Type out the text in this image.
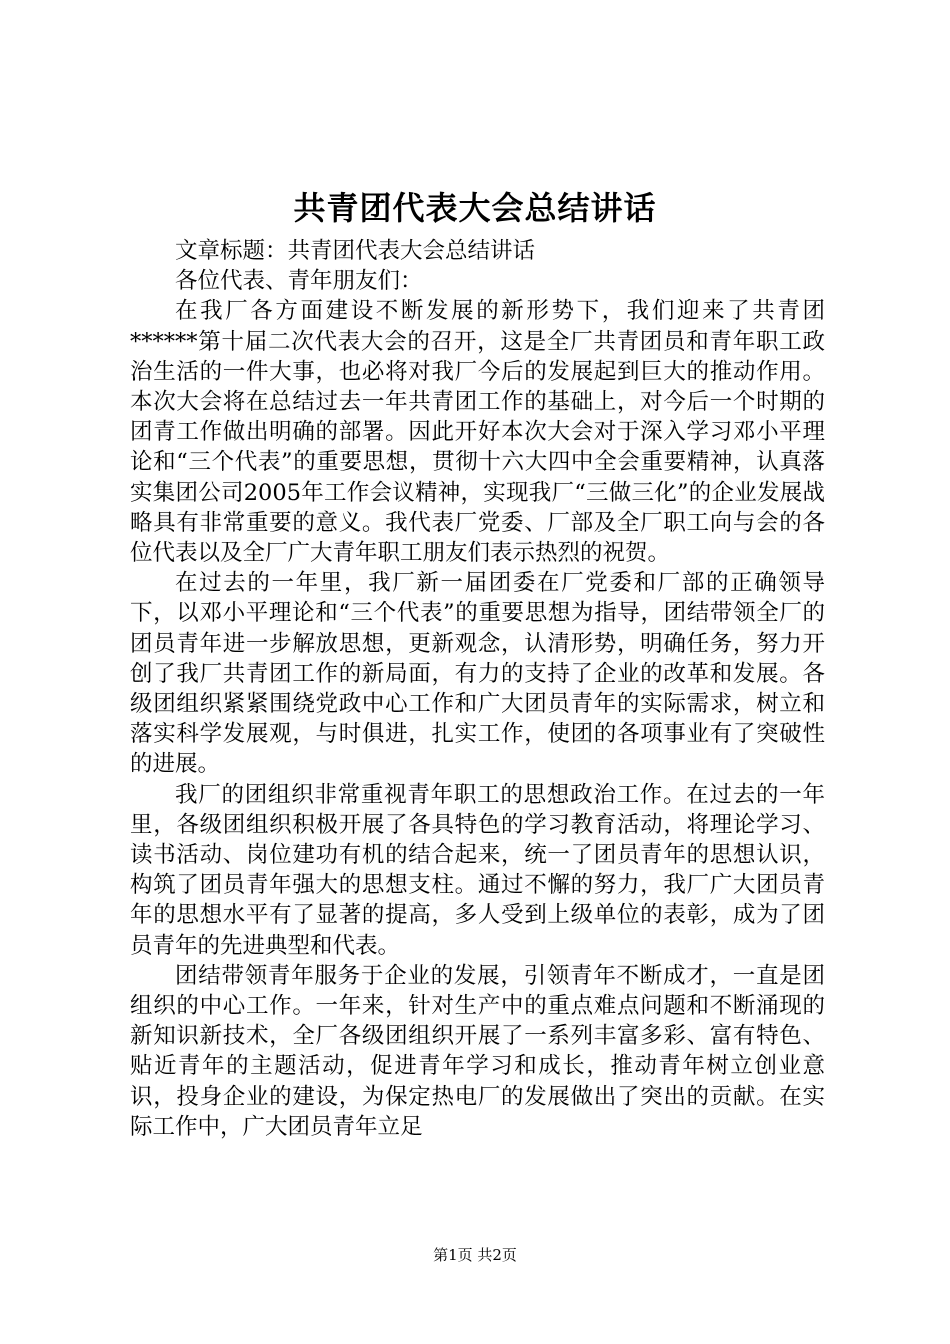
共青团代表大会总结讲话

文章标题：共青团代表大会总结讲话

各位代表、青年朋友们：

在我厂各方面建设不断发展的新形势下，我们迎来了共青团******第十届二次代表大会的召开，这是全厂共青团员和青年职工政治生活的一件大事，也必将对我厂今后的发展起到巨大的推动作用。本次大会将在总结过去一年共青团工作的基础上，对今后一个时期的团青工作做出明确的部署。因此开好本次大会对于深入学习邓小平理论和“三个代表”的重要思想，贯彻十六大四中全会重要精神，认真落实集团公司2005年工作会议精神，实现我厂“三做三化”的企业发展战略具有非常重要的意义。我代表厂党委、厂部及全厂职工向与会的各位代表以及全厂广大青年职工朋友们表示热烈的祝贺。

在过去的一年里，我厂新一届团委在厂党委和厂部的正确领导下，以邓小平理论和“三个代表”的重要思想为指导，团结带领全厂的团员青年进一步解放思想，更新观念，认清形势，明确任务，努力开创了我厂共青团工作的新局面，有力的支持了企业的改革和发展。各级团组织紧紧围绕党政中心工作和广大团员青年的实际需求，树立和落实科学发展观，与时俱进，扎实工作，使团的各项事业有了突破性的进展。

我厂的团组织非常重视青年职工的思想政治工作。在过去的一年里，各级团组织积极开展了各具特色的学习教育活动，将理论学习、读书活动、岗位建功有机的结合起来，统一了团员青年的思想认识，构筑了团员青年强大的思想支柱。通过不懈的努力，我厂广大团员青年的思想水平有了显著的提高，多人受到上级单位的表彰，成为了团员青年的先进典型和代表。

团结带领青年服务于企业的发展，引领青年不断成才，一直是团组织的中心工作。一年来，针对生产中的重点难点问题和不断涌现的新知识新技术，全厂各级团组织开展了一系列丰富多彩、富有特色、贴近青年的主题活动，促进青年学习和成长，推动青年树立创业意识，投身企业的建设，为保定热电厂的发展做出了突出的贡献。在实际工作中，广大团员青年立足

第1页 共2页
